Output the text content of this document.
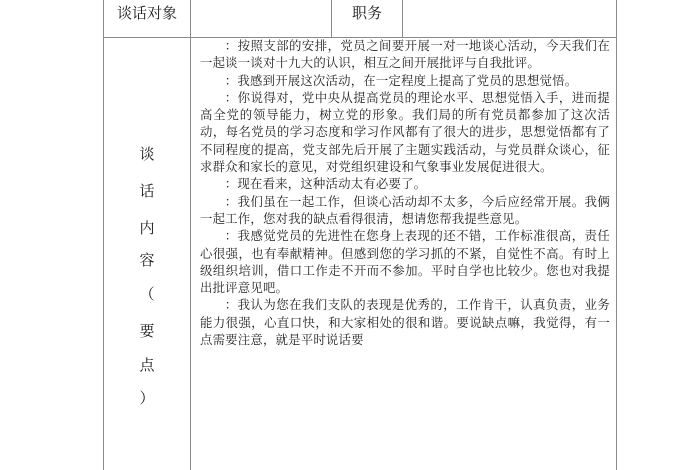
谈话对象	职务
谈
话
内
容
（
要
点
）

：按照支部的安排，党员之间要开展一对一地谈心活动，今天我们在一起谈一谈对十九大的认识，相互之间开展批评与自我批评。

：我感到开展这次活动，在一定程度上提高了党员的思想觉悟。

：你说得对，党中央从提高党员的理论水平、思想觉悟入手，进而提高全党的领导能力，树立党的形象。我们局的所有党员都参加了这次活动，每名党员的学习态度和学习作风都有了很大的进步，思想觉悟都有了不同程度的提高，党支部先后开展了主题实践活动，与党员群众谈心，征求群众和家长的意见，对党组织建设和气象事业发展促进很大。

：现在看来，这种活动太有必要了。

：我们虽在一起工作，但谈心活动却不太多，今后应经常开展。我俩一起工作，您对我的缺点看得很清，想请您帮我提些意见。

：我感觉党员的先进性在您身上表现的还不错，工作标准很高，责任心很强，也有奉献精神。但感到您的学习抓的不紧，自觉性不高。有时上级组织培训，借口工作走不开而不参加。平时自学也比较少。您也对我提出批评意见吧。

：我认为您在我们支队的表现是优秀的，工作肯干，认真负责，业务能力很强，心直口快，和大家相处的很和谐。要说缺点嘛，我觉得，有一点需要注意，就是平时说话要
